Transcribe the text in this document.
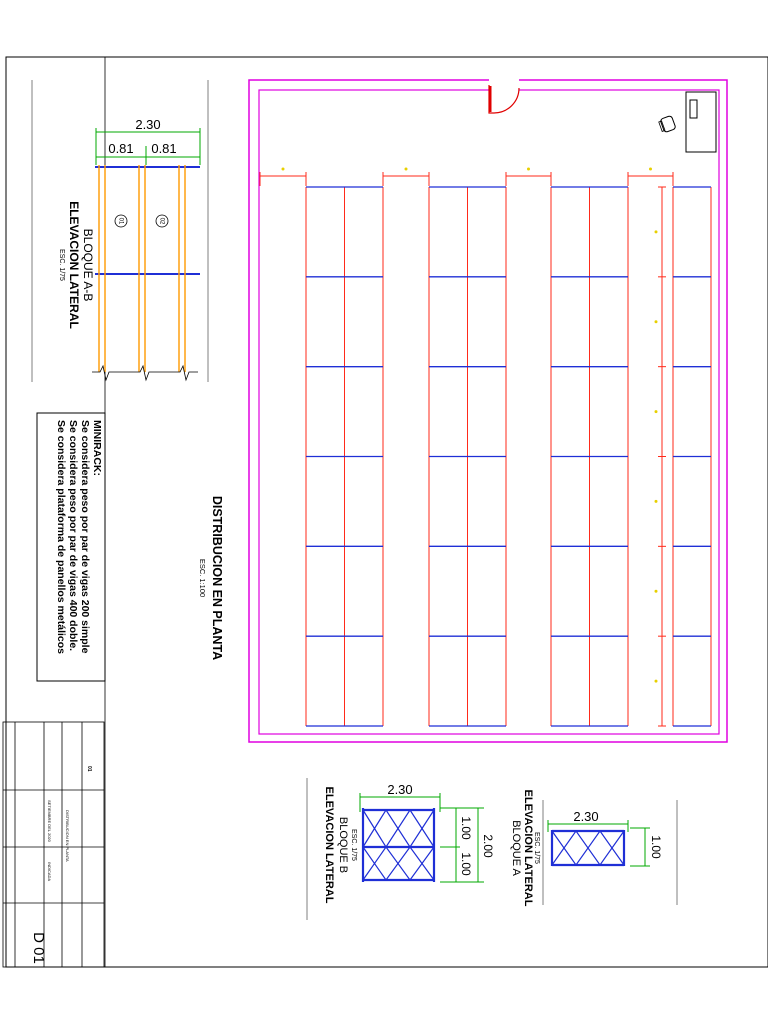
DISTRIBUCION EN PLANTA
ESC. 1:100
2.30
0.81 0.81
01	02
BLOQUE A-B
ELEVACION LATERAL
ESC. 1/75
MINIRACK:
Se considera peso por par de vigas 200 simple
Se considera peso por par de vigas 400 doble.
Se considera plataforma de panellos metálicos
2.30
1.00
1.00
2.00
BLOQUE B
ELEVACION LATERAL ESC. 1/75
2.30
1.00
BLOQUE A ELEVACION LATERAL ESC. 1/75
DISTRIBUCION EN PLANTA
SETIEMBRE DEL 2020
INDICADA
01
D 01
